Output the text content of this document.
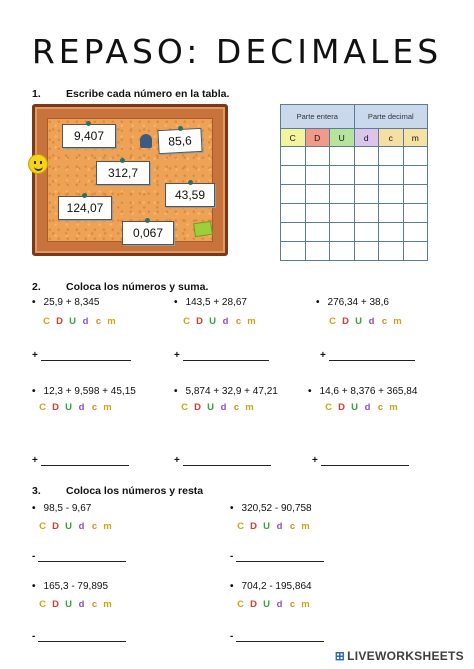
REPASO: DECIMALES
1. Escribe cada número en la tabla.
9,407	85,6
312,7
43,59
124,07
0,067
Parte entera			Parte decimal		
C	D	U	d	c	m

2. Coloca los números y suma.
• 25,9 + 8,345
C D U d c m
+
• 143,5 + 28,67
C D U d c m
+
• 276,34 + 38,6
C D U d c m
+
• 12,3 + 9,598 + 45,15
C D U d c m
+
• 5,874 + 32,9 + 47,21
C D U d c m
+
• 14,6 + 8,376 + 365,84
C D U d c m
+
3. Coloca los números y resta
• 98,5 - 9,67
C D U d c m
-
• 320,52 - 90,758
C D U d c m
-
• 165,3 - 79,895
C D U d c m
-
• 704,2 - 195,864
C D U d c m
-
⊞ LIVEWORKSHEETS
